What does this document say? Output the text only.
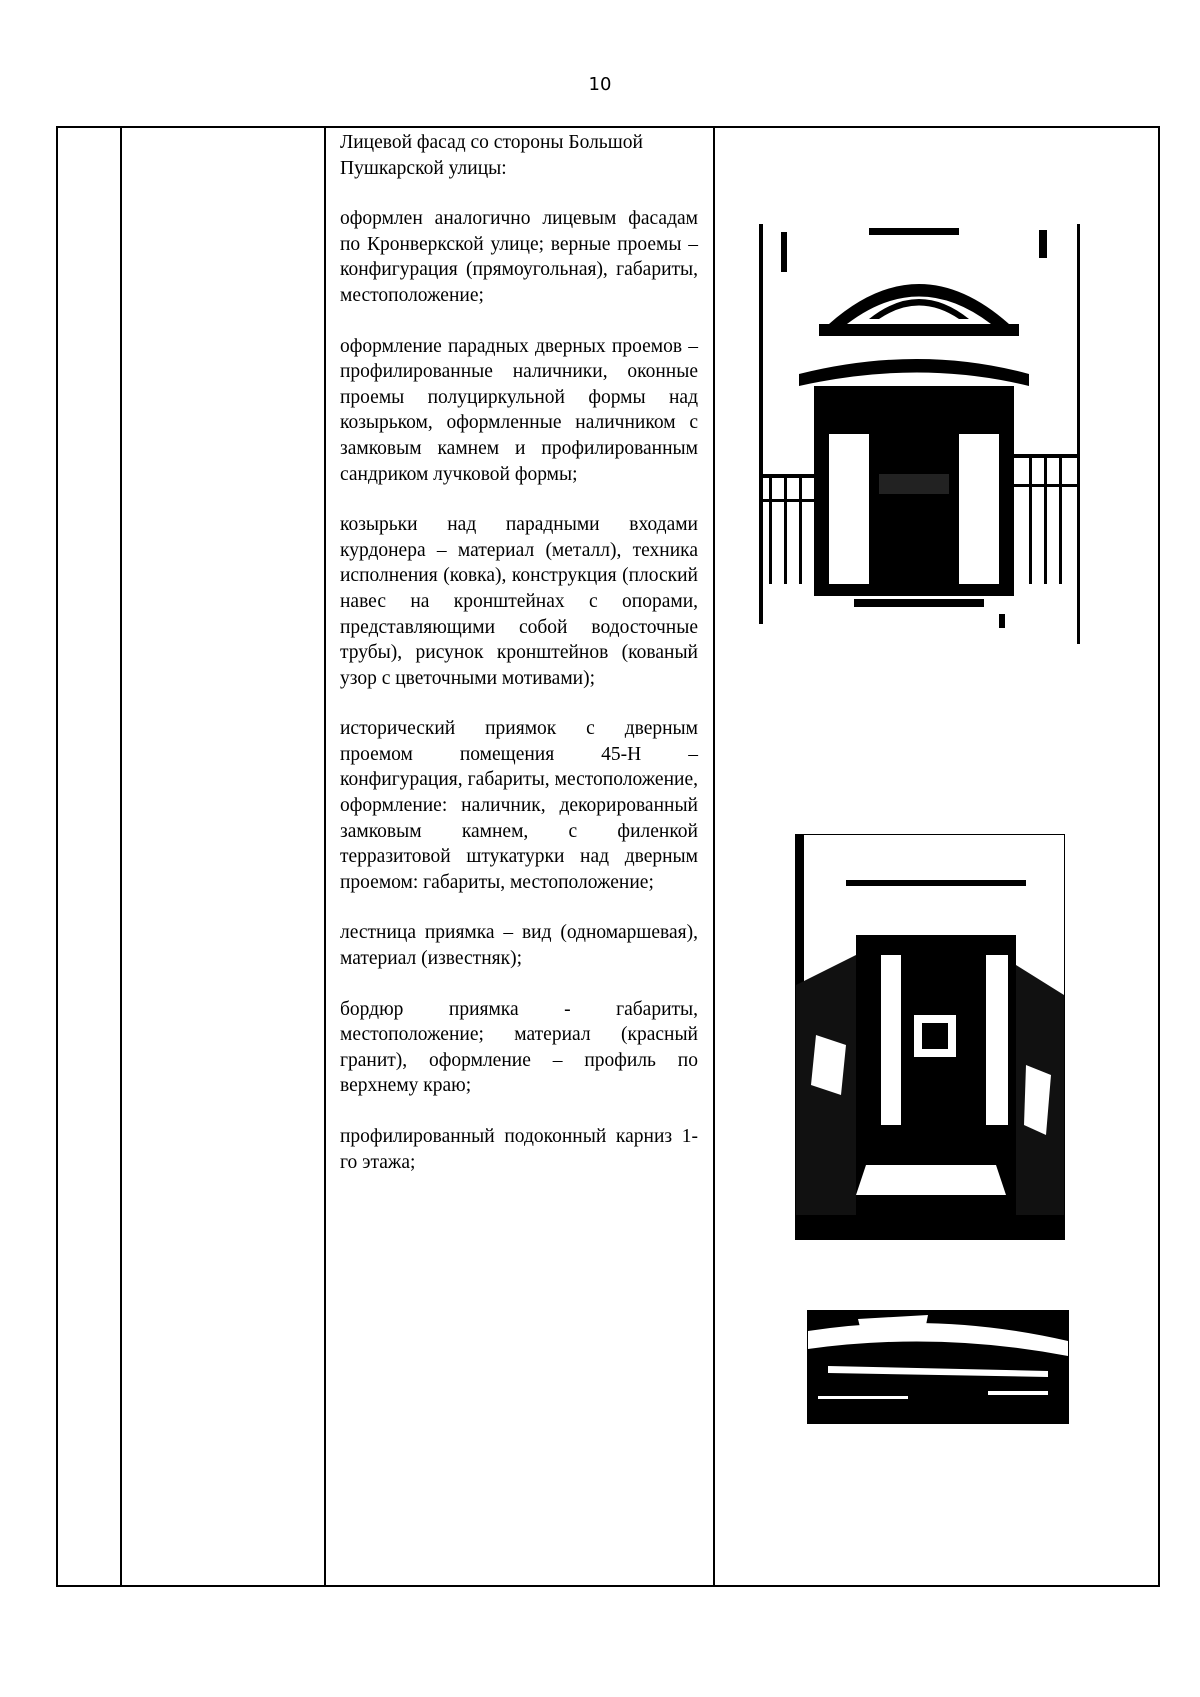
10

Лицевой фасад со стороны Большой Пушкарской улицы:

оформлен аналогично лицевым фасадам по Кронверкской улице; верные проемы – конфигурация (прямоугольная), габариты, местоположение;

оформление парадных дверных проемов – профилированные наличники, оконные проемы полуциркульной формы над козырьком, оформленные наличником с замковым камнем и профилированным сандриком лучковой формы;

козырьки над парадными входами курдонера – материал (металл), техника исполнения (ковка), конструкция (плоский навес на кронштейнах с опорами, представляющими собой водосточные трубы), рисунок кронштейнов (кованый узор с цветочными мотивами);

исторический приямок с дверным проемом помещения 45-Н – конфигурация, габариты, местоположение, оформление: наличник, декорированный замковым камнем, с филенкой терразитовой штукатурки над дверным проемом: габариты, местоположение;

лестница приямка – вид (одномаршевая), материал (известняк);

бордюр приямка - габариты, местоположение; материал (красный гранит), оформление – профиль по верхнему краю;

профилированный подоконный карниз 1-го этажа;
